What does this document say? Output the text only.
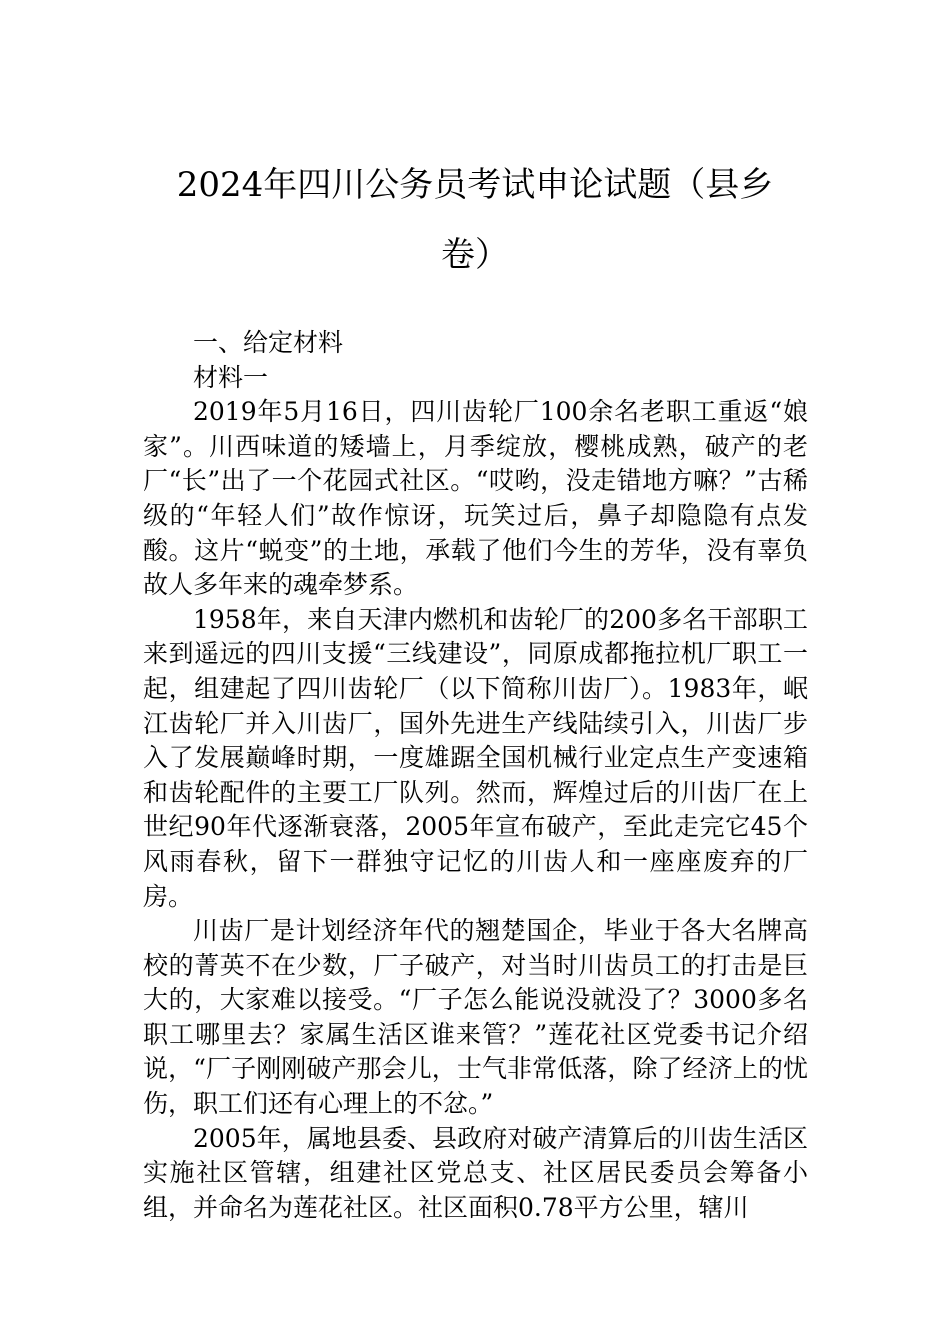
2024年四川公务员考试申论试题（县乡
卷）

一、给定材料

材料一

2019年5月16日，四川齿轮厂100余名老职工重返“娘家”。川西味道的矮墙上，月季绽放，樱桃成熟，破产的老厂“长”出了一个花园式社区。“哎哟，没走错地方嘛？”古稀级的“年轻人们”故作惊讶，玩笑过后，鼻子却隐隐有点发酸。这片“蜕变”的土地，承载了他们今生的芳华，没有辜负故人多年来的魂牵梦系。

1958年，来自天津内燃机和齿轮厂的200多名干部职工来到遥远的四川支援“三线建设”，同原成都拖拉机厂职工一起，组建起了四川齿轮厂（以下简称川齿厂）。1983年，岷江齿轮厂并入川齿厂，国外先进生产线陆续引入，川齿厂步入了发展巅峰时期，一度雄踞全国机械行业定点生产变速箱和齿轮配件的主要工厂队列。然而，辉煌过后的川齿厂在上世纪90年代逐渐衰落，2005年宣布破产，至此走完它45个风雨春秋，留下一群独守记忆的川齿人和一座座废弃的厂房。

川齿厂是计划经济年代的翘楚国企，毕业于各大名牌高校的菁英不在少数，厂子破产，对当时川齿员工的打击是巨大的，大家难以接受。“厂子怎么能说没就没了？3000多名职工哪里去？家属生活区谁来管？”莲花社区党委书记介绍说，“厂子刚刚破产那会儿，士气非常低落，除了经济上的忧伤，职工们还有心理上的不忿。”

2005年，属地县委、县政府对破产清算后的川齿生活区实施社区管辖，组建社区党总支、社区居民委员会筹备小组，并命名为莲花社区。社区面积0.78平方公里，辖川
